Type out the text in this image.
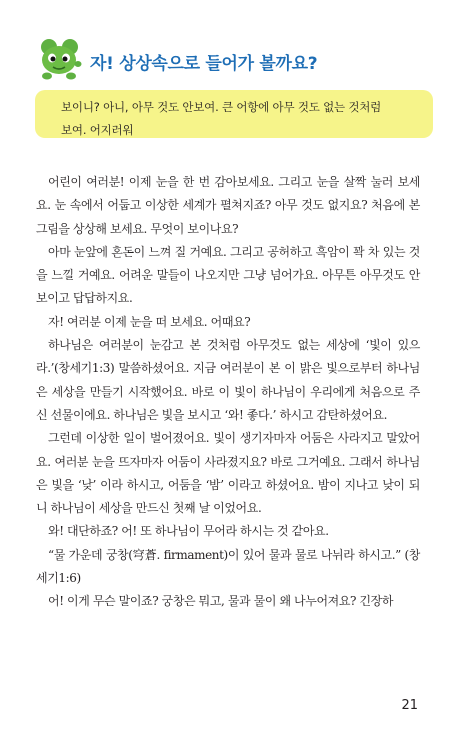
자! 상상속으로 들어가 볼까요?

보이니? 아니, 아무 것도 안보여. 큰 어항에 아무 것도 없는 것처럼

보여. 어지러워

어린이 여러분! 이제 눈을 한 번 감아보세요. 그리고 눈을 살짝 눌러 보세요. 눈 속에서 어둡고 이상한 세계가 펼쳐지죠? 아무 것도 없지요? 처음에 본 그림을 상상해 보세요. 무엇이 보이나요?

아마 눈앞에 혼돈이 느껴 질 거예요. 그리고 공허하고 흑암이 꽉 차 있는 것을 느낄 거예요. 어려운 말들이 나오지만 그냥 넘어가요. 아무튼 아무것도 안 보이고 답답하지요.

자! 여러분 이제 눈을 떠 보세요. 어때요?

하나님은 여러분이 눈감고 본 것처럼 아무것도 없는 세상에 ‘빛이 있으라.’(창세기1:3) 말씀하셨어요. 지금 여러분이 본 이 밝은 빛으로부터 하나님은 세상을 만들기 시작했어요. 바로 이 빛이 하나님이 우리에게 처음으로 주신 선물이에요. 하나님은 빛을 보시고 ‘와! 좋다.’ 하시고 감탄하셨어요.

그런데 이상한 일이 벌어졌어요. 빛이 생기자마자 어둠은 사라지고 말았어요. 여러분 눈을 뜨자마자 어둠이 사라졌지요? 바로 그거예요. 그래서 하나님은 빛을 ‘낮’ 이라 하시고, 어둠을 ‘밤’ 이라고 하셨어요. 밤이 지나고 낮이 되니 하나님이 세상을 만드신 첫째 날 이었어요.

와! 대단하죠? 어! 또 하나님이 무어라 하시는 것 같아요.

“물 가운데 궁창(穹蒼. firmament)이 있어 물과 물로 나뉘라 하시고.” (창세기1:6)

어! 이게 무슨 말이죠? 궁창은 뭐고, 물과 물이 왜 나누어져요? 긴장하

21
